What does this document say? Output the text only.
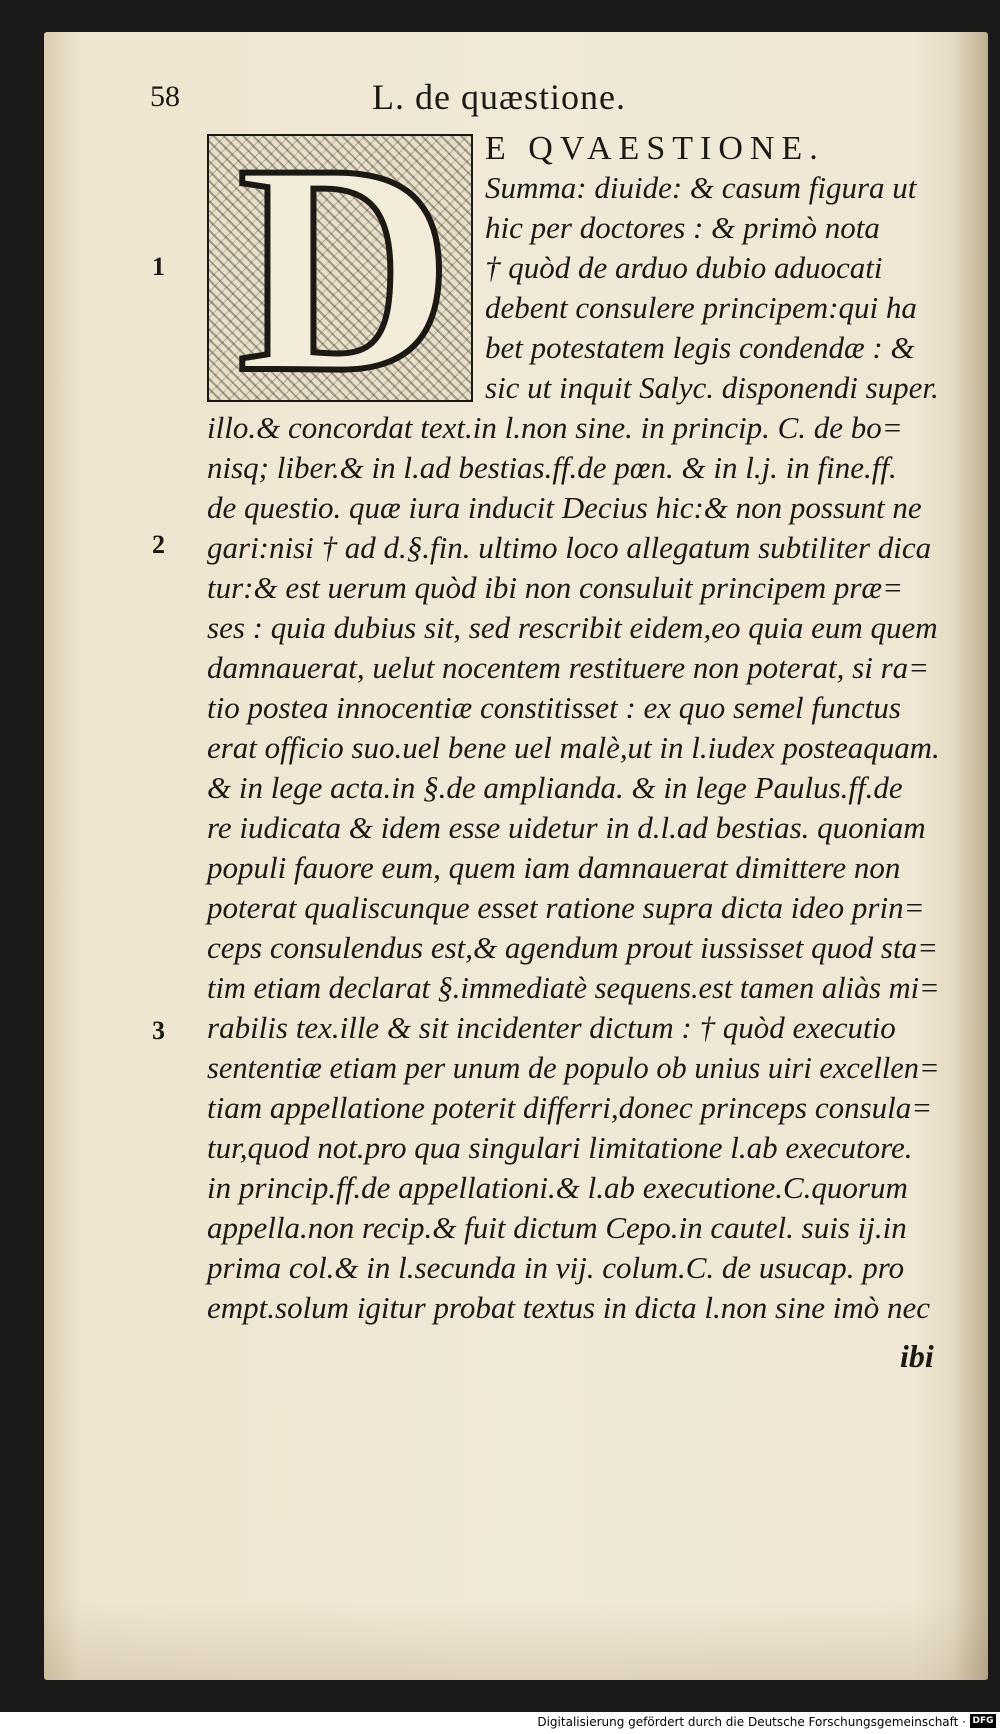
58	L. de quæstione.
D E QVAESTIONE.
1
2
3
Summa: diuide: & casum figura ut
hic per doctores : & primò nota
† quòd de arduo dubio aduocati
debent consulere principem:qui ha
bet potestatem legis condendæ : &
sic ut inquit Salyc. disponendi super.
illo.& concordat text.in l.non sine. in princip. C. de bo=
nisq; liber.& in l.ad bestias.ff.de pœn. & in l.j. in fine.ff.
de questio. quæ iura inducit Decius hic:& non possunt ne
gari:nisi † ad d.§.fin. ultimo loco allegatum subtiliter dica
tur:& est uerum quòd ibi non consuluit principem præ=
ses : quia dubius sit, sed rescribit eidem,eo quia eum quem
damnauerat, uelut nocentem restituere non poterat, si ra=
tio postea innocentiæ constitisset : ex quo semel functus
erat officio suo.uel bene uel malè,ut in l.iudex posteaquam.
& in lege acta.in §.de amplianda. & in lege Paulus.ff.de
re iudicata & idem esse uidetur in d.l.ad bestias. quoniam
populi fauore eum, quem iam damnauerat dimittere non
poterat qualiscunque esset ratione supra dicta ideo prin=
ceps consulendus est,& agendum prout iussisset quod sta=
tim etiam declarat §.immediatè sequens.est tamen aliàs mi=
rabilis tex.ille & sit incidenter dictum : † quòd executio
sententiæ etiam per unum de populo ob unius uiri excellen=
tiam appellatione poterit differri,donec princeps consula=
tur,quod not.pro qua singulari limitatione l.ab executore.
in princip.ff.de appellationi.& l.ab executione.C.quorum
appella.non recip.& fuit dictum Cepo.in cautel. suis ij.in
prima col.& in l.secunda in vij. colum.C. de usucap. pro
empt.solum igitur probat textus in dicta l.non sine imò nec
ibi
Digitalisierung gefördert durch die Deutsche Forschungsgemeinschaft · DFG
